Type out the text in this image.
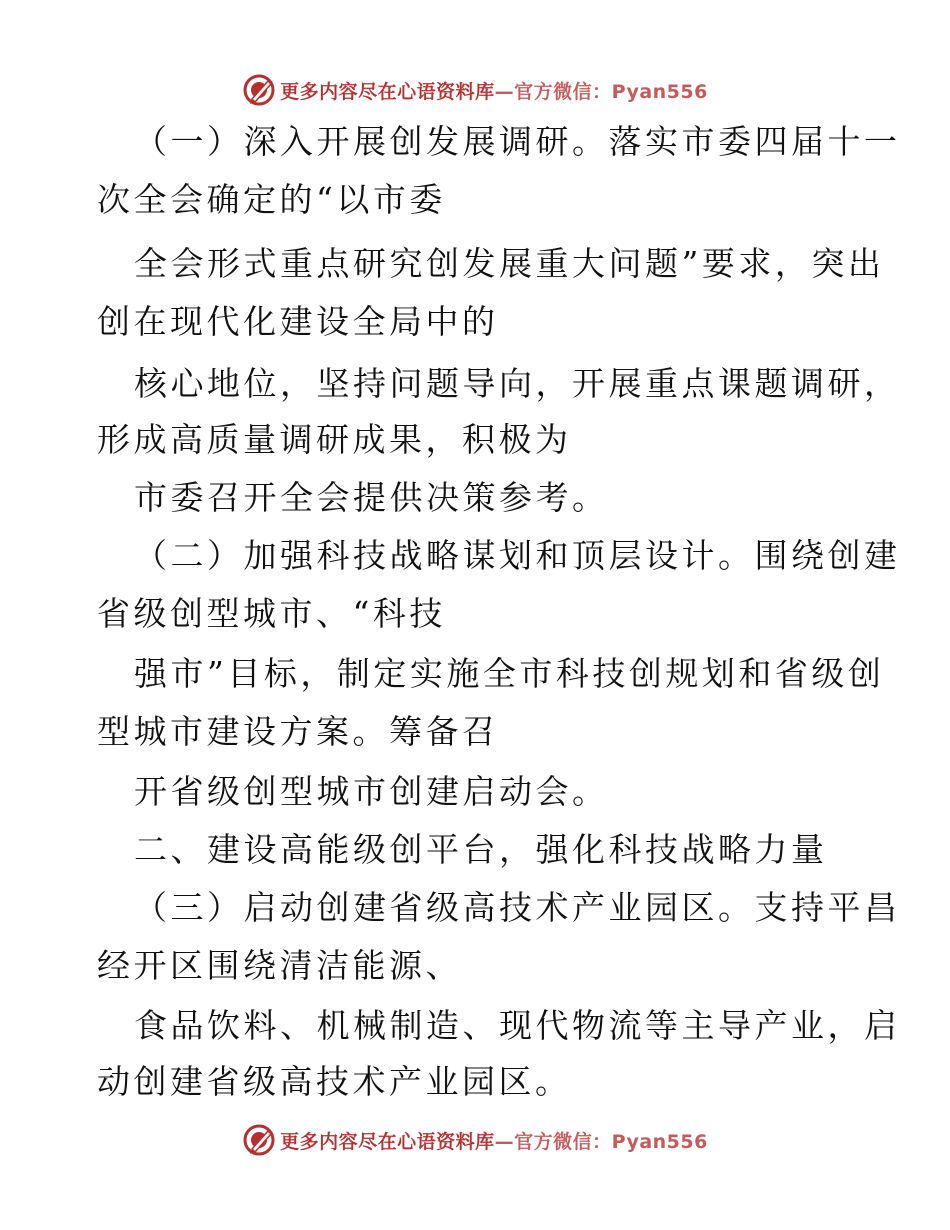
更多内容尽在心语资料库—官方微信：Pyan556
（一）深入开展创发展调研。落实市委四届十一
次全会确定的“以市委
全会形式重点研究创发展重大问题”要求，突出
创在现代化建设全局中的
核心地位，坚持问题导向，开展重点课题调研，
形成高质量调研成果，积极为
市委召开全会提供决策参考。
（二）加强科技战略谋划和顶层设计。围绕创建
省级创型城市、“科技
强市”目标，制定实施全市科技创规划和省级创
型城市建设方案。筹备召
开省级创型城市创建启动会。
二、建设高能级创平台，强化科技战略力量
（三）启动创建省级高技术产业园区。支持平昌
经开区围绕清洁能源、
食品饮料、机械制造、现代物流等主导产业，启
动创建省级高技术产业园区。
更多内容尽在心语资料库—官方微信：Pyan556
